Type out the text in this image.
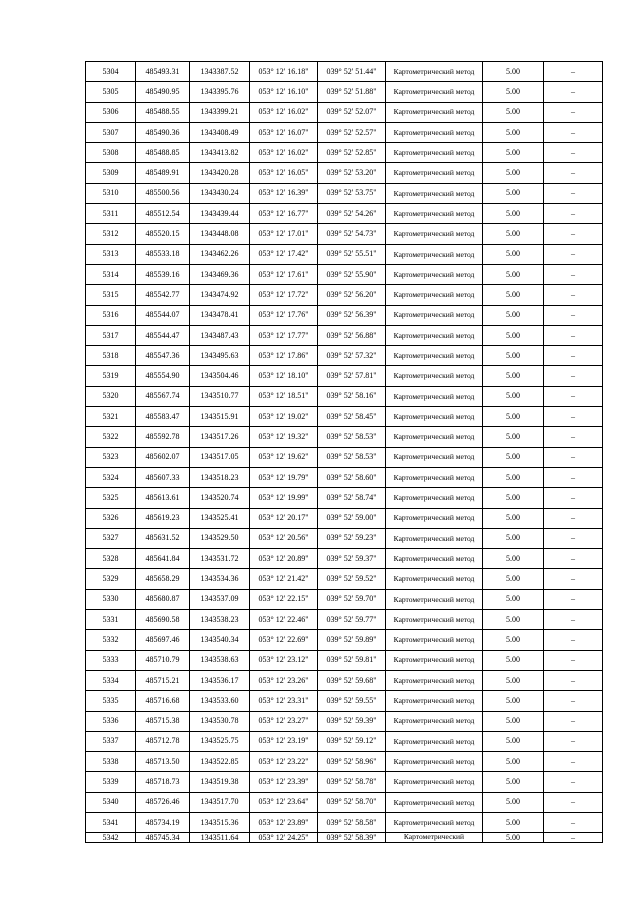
5304	485493.31	1343387.52	053° 12' 16.18"	039° 52' 51.44"	Картометрический метод	5.00	–
5305	485490.95	1343395.76	053° 12' 16.10"	039° 52' 51.88"	Картометрический метод	5.00	–
5306	485488.55	1343399.21	053° 12' 16.02"	039° 52' 52.07"	Картометрический метод	5.00	–
5307	485490.36	1343408.49	053° 12' 16.07"	039° 52' 52.57"	Картометрический метод	5.00	–
5308	485488.85	1343413.82	053° 12' 16.02"	039° 52' 52.85"	Картометрический метод	5.00	–
5309	485489.91	1343420.28	053° 12' 16.05"	039° 52' 53.20"	Картометрический метод	5.00	–
5310	485500.56	1343430.24	053° 12' 16.39"	039° 52' 53.75"	Картометрический метод	5.00	–
5311	485512.54	1343439.44	053° 12' 16.77"	039° 52' 54.26"	Картометрический метод	5.00	–
5312	485520.15	1343448.08	053° 12' 17.01"	039° 52' 54.73"	Картометрический метод	5.00	–
5313	485533.18	1343462.26	053° 12' 17.42"	039° 52' 55.51"	Картометрический метод	5.00	–
5314	485539.16	1343469.36	053° 12' 17.61"	039° 52' 55.90"	Картометрический метод	5.00	–
5315	485542.77	1343474.92	053° 12' 17.72"	039° 52' 56.20"	Картометрический метод	5.00	–
5316	485544.07	1343478.41	053° 12' 17.76"	039° 52' 56.39"	Картометрический метод	5.00	–
5317	485544.47	1343487.43	053° 12' 17.77"	039° 52' 56.88"	Картометрический метод	5.00	–
5318	485547.36	1343495.63	053° 12' 17.86"	039° 52' 57.32"	Картометрический метод	5.00	–
5319	485554.90	1343504.46	053° 12' 18.10"	039° 52' 57.81"	Картометрический метод	5.00	–
5320	485567.74	1343510.77	053° 12' 18.51"	039° 52' 58.16"	Картометрический метод	5.00	–
5321	485583.47	1343515.91	053° 12' 19.02"	039° 52' 58.45"	Картометрический метод	5.00	–
5322	485592.78	1343517.26	053° 12' 19.32"	039° 52' 58.53"	Картометрический метод	5.00	–
5323	485602.07	1343517.05	053° 12' 19.62"	039° 52' 58.53"	Картометрический метод	5.00	–
5324	485607.33	1343518.23	053° 12' 19.79"	039° 52' 58.60"	Картометрический метод	5.00	–
5325	485613.61	1343520.74	053° 12' 19.99"	039° 52' 58.74"	Картометрический метод	5.00	–
5326	485619.23	1343525.41	053° 12' 20.17"	039° 52' 59.00"	Картометрический метод	5.00	–
5327	485631.52	1343529.50	053° 12' 20.56"	039° 52' 59.23"	Картометрический метод	5.00	–
5328	485641.84	1343531.72	053° 12' 20.89"	039° 52' 59.37"	Картометрический метод	5.00	–
5329	485658.29	1343534.36	053° 12' 21.42"	039° 52' 59.52"	Картометрический метод	5.00	–
5330	485680.87	1343537.09	053° 12' 22.15"	039° 52' 59.70"	Картометрический метод	5.00	–
5331	485690.58	1343538.23	053° 12' 22.46"	039° 52' 59.77"	Картометрический метод	5.00	–
5332	485697.46	1343540.34	053° 12' 22.69"	039° 52' 59.89"	Картометрический метод	5.00	–
5333	485710.79	1343538.63	053° 12' 23.12"	039° 52' 59.81"	Картометрический метод	5.00	–
5334	485715.21	1343536.17	053° 12' 23.26"	039° 52' 59.68"	Картометрический метод	5.00	–
5335	485716.68	1343533.60	053° 12' 23.31"	039° 52' 59.55"	Картометрический метод	5.00	–
5336	485715.38	1343530.78	053° 12' 23.27"	039° 52' 59.39"	Картометрический метод	5.00	–
5337	485712.78	1343525.75	053° 12' 23.19"	039° 52' 59.12"	Картометрический метод	5.00	–
5338	485713.50	1343522.85	053° 12' 23.22"	039° 52' 58.96"	Картометрический метод	5.00	–
5339	485718.73	1343519.38	053° 12' 23.39"	039° 52' 58.78"	Картометрический метод	5.00	–
5340	485726.46	1343517.70	053° 12' 23.64"	039° 52' 58.70"	Картометрический метод	5.00	–
5341	485734.19	1343515.36	053° 12' 23.89"	039° 52' 58.58"	Картометрический метод	5.00	–
5342	485745.34	1343511.64	053° 12' 24.25"	039° 52' 58.39"	Картометрический	5.00	–
